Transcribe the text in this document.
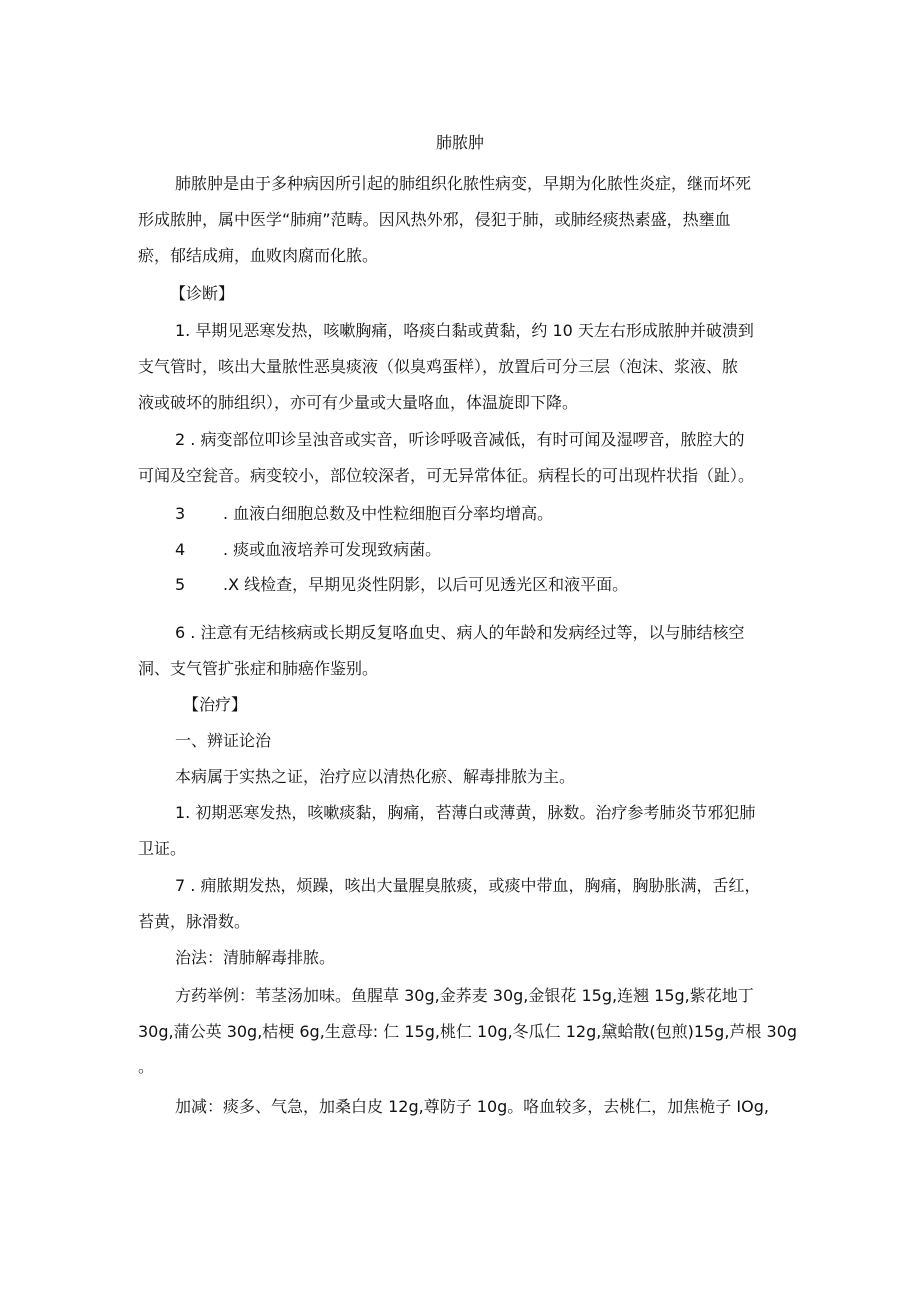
肺脓肿
肺脓肿是由于多种病因所引起的肺组织化脓性病变，早期为化脓性炎症，继而坏死
形成脓肿，属中医学“肺痈”范畴。因风热外邪，侵犯于肺，或肺经痰热素盛，热壅血
瘀，郁结成痈，血败肉腐而化脓。
【诊断】
1. 早期见恶寒发热，咳嗽胸痛，咯痰白黏或黄黏，约 10 天左右形成脓肿并破溃到
支气管时，咳出大量脓性恶臭痰液（似臭鸡蛋样），放置后可分三层（泡沫、浆液、脓
液或破坏的肺组织），亦可有少量或大量咯血，体温旋即下降。
2 . 病变部位叩诊呈浊音或实音，听诊呼吸音减低，有时可闻及湿啰音，脓腔大的
可闻及空瓮音。病变较小，部位较深者，可无异常体征。病程长的可出现杵状指（趾）。
3 . 血液白细胞总数及中性粒细胞百分率均增高。
4 . 痰或血液培养可发现致病菌。
5 .X 线检查，早期见炎性阴影，以后可见透光区和液平面。
6 . 注意有无结核病或长期反复咯血史、病人的年龄和发病经过等，以与肺结核空
洞、支气管扩张症和肺癌作鉴别。
【治疗】
一、辨证论治
本病属于实热之证，治疗应以清热化瘀、解毒排脓为主。
1. 初期恶寒发热，咳嗽痰黏，胸痛，苔薄白或薄黄，脉数。治疗参考肺炎节邪犯肺
卫证。
7 . 痈脓期发热，烦躁，咳出大量腥臭脓痰，或痰中带血，胸痛，胸胁胀满，舌红，
苔黄，脉滑数。
治法：清肺解毒排脓。
方药举例：苇茎汤加味。鱼腥草 30g,金荞麦 30g,金银花 15g,连翘 15g,紫花地丁
30g,蒲公英 30g,桔梗 6g,生意母: 仁 15g,桃仁 10g,冬瓜仁 12g,黛蛤散(包煎)15g,芦根 30g
。
加减：痰多、气急，加桑白皮 12g,尊防子 10g。咯血较多，去桃仁，加焦桅子 IOg,
